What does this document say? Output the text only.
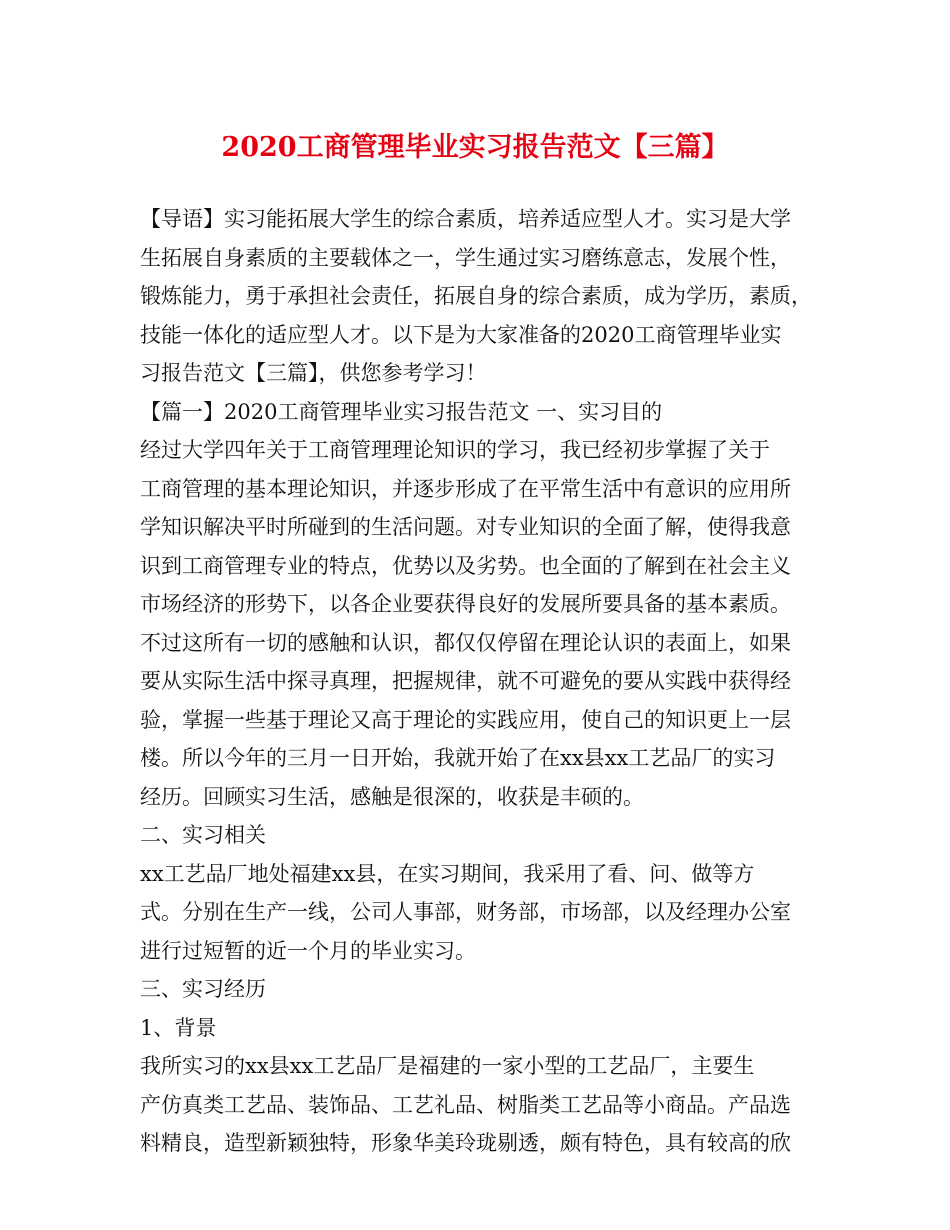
2020工商管理毕业实习报告范文【三篇】
【导语】实习能拓展大学生的综合素质，培养适应型人才。实习是大学
生拓展自身素质的主要载体之一，学生通过实习磨练意志，发展个性，
锻炼能力，勇于承担社会责任，拓展自身的综合素质，成为学历，素质，
技能一体化的适应型人才。以下是为大家准备的2020工商管理毕业实
习报告范文【三篇】，供您参考学习！
【篇一】2020工商管理毕业实习报告范文 一、实习目的
经过大学四年关于工商管理理论知识的学习，我已经初步掌握了关于
工商管理的基本理论知识，并逐步形成了在平常生活中有意识的应用所
学知识解决平时所碰到的生活问题。对专业知识的全面了解，使得我意
识到工商管理专业的特点，优势以及劣势。也全面的了解到在社会主义
市场经济的形势下，以各企业要获得良好的发展所要具备的基本素质。
不过这所有一切的感触和认识，都仅仅停留在理论认识的表面上，如果
要从实际生活中探寻真理，把握规律，就不可避免的要从实践中获得经
验，掌握一些基于理论又高于理论的实践应用，使自己的知识更上一层
楼。所以今年的三月一日开始，我就开始了在xx县xx工艺品厂的实习
经历。回顾实习生活，感触是很深的，收获是丰硕的。
二、实习相关
xx工艺品厂地处福建xx县，在实习期间，我采用了看、问、做等方
式。分别在生产一线，公司人事部，财务部，市场部，以及经理办公室
进行过短暂的近一个月的毕业实习。
三、实习经历
1、背景
我所实习的xx县xx工艺品厂是福建的一家小型的工艺品厂，主要生
产仿真类工艺品、装饰品、工艺礼品、树脂类工艺品等小商品。产品选
料精良，造型新颖独特，形象华美玲珑剔透，颇有特色，具有较高的欣
